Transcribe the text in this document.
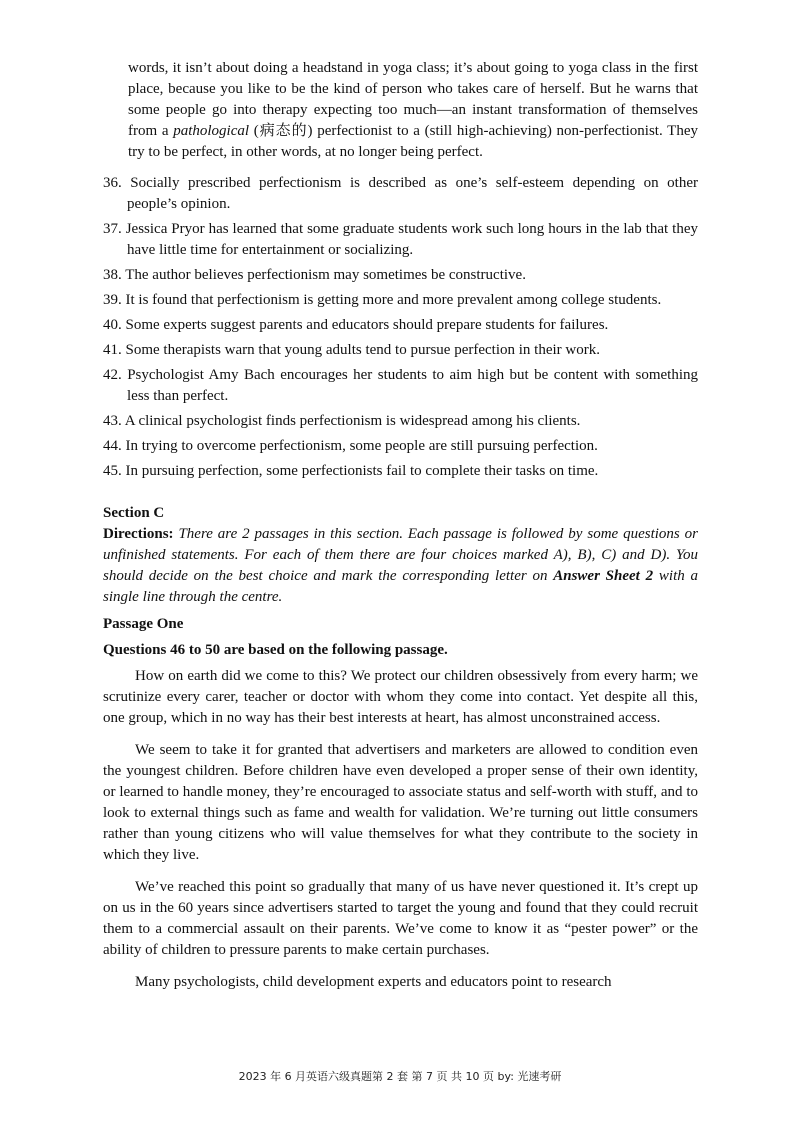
words, it isn’t about doing a headstand in yoga class; it’s about going to yoga class in the first place, because you like to be the kind of person who takes care of herself. But he warns that some people go into therapy expecting too much—an instant transformation of themselves from a pathological (病态的) perfectionist to a (still high-achieving) non-perfectionist. They try to be perfect, in other words, at no longer being perfect.
36. Socially prescribed perfectionism is described as one’s self-esteem depending on other people’s opinion.
37. Jessica Pryor has learned that some graduate students work such long hours in the lab that they have little time for entertainment or socializing.
38. The author believes perfectionism may sometimes be constructive.
39. It is found that perfectionism is getting more and more prevalent among college students.
40. Some experts suggest parents and educators should prepare students for failures.
41. Some therapists warn that young adults tend to pursue perfection in their work.
42. Psychologist Amy Bach encourages her students to aim high but be content with something less than perfect.
43. A clinical psychologist finds perfectionism is widespread among his clients.
44. In trying to overcome perfectionism, some people are still pursuing perfection.
45. In pursuing perfection, some perfectionists fail to complete their tasks on time.
Section C
Directions: There are 2 passages in this section. Each passage is followed by some questions or unfinished statements. For each of them there are four choices marked A), B), C) and D). You should decide on the best choice and mark the corresponding letter on Answer Sheet 2 with a single line through the centre.
Passage One
Questions 46 to 50 are based on the following passage.
How on earth did we come to this? We protect our children obsessively from every harm; we scrutinize every carer, teacher or doctor with whom they come into contact. Yet despite all this, one group, which in no way has their best interests at heart, has almost unconstrained access.
We seem to take it for granted that advertisers and marketers are allowed to condition even the youngest children. Before children have even developed a proper sense of their own identity, or learned to handle money, they’re encouraged to associate status and self-worth with stuff, and to look to external things such as fame and wealth for validation. We’re turning out little consumers rather than young citizens who will value themselves for what they contribute to the society in which they live.
We’ve reached this point so gradually that many of us have never questioned it. It’s crept up on us in the 60 years since advertisers started to target the young and found that they could recruit them to a commercial assault on their parents. We’ve come to know it as “pester power” or the ability of children to pressure parents to make certain purchases.
Many psychologists, child development experts and educators point to research
2023 年 6 月英语六级真题第 2 套 第 7 页 共 10 页 by: 光速考研
